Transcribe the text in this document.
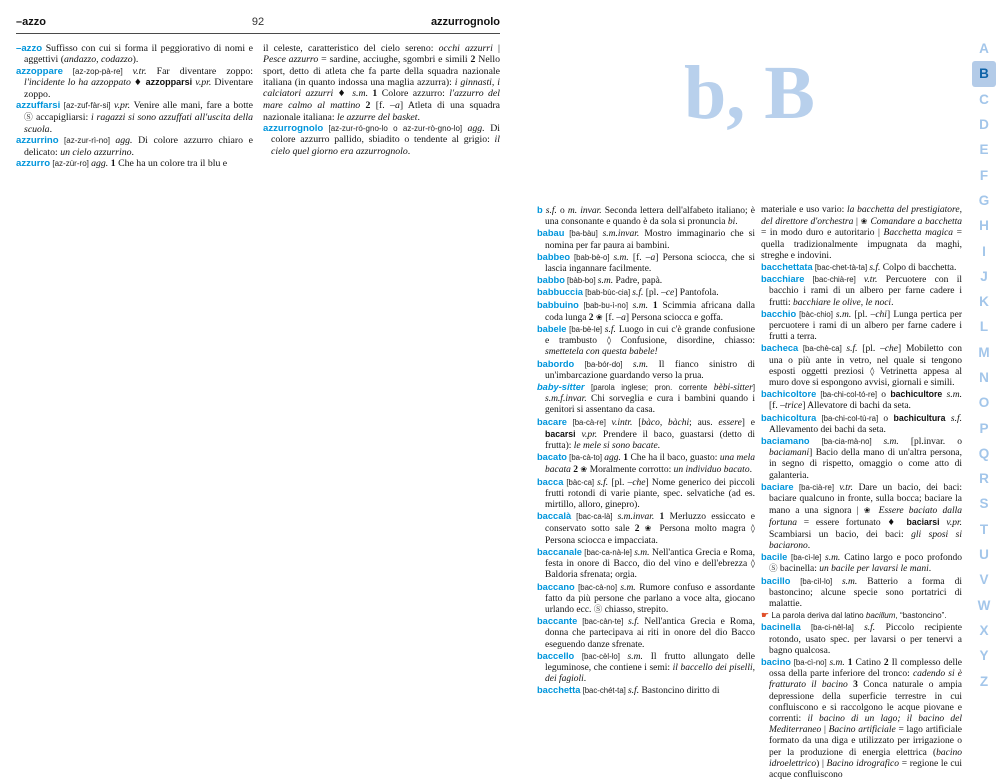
–azzo	92	azzurrognolo
–azzo Suffisso con cui si forma il peggiorativo di nomi e aggettivi (andazzo, codazzo).
azzoppare [az-zop-pà-re] v.tr. Far diventare zoppo: l'incidente lo ha azzoppato ♦ azzopparsi v.pr. Diventare zoppo.
azzuffarsi [az-zuf-fàr-si] v.pr. Venire alle mani, fare a botte Ⓢ accapigliarsi: i ragazzi si sono azzuffati all'uscita della scuola.
azzurrino [az-zur-rì-no] agg. Di colore azzurro chiaro e delicato: un cielo azzurrino.
azzurro [az-zùr-ro] agg. 1 Che ha un colore tra il blu e
il celeste, caratteristico del cielo sereno: occhi azzurri | Pesce azzurro = sardine, acciughe, sgombri e simili 2 Nello sport, detto di atleta che fa parte della squadra nazionale italiana (in quanto indossa una maglia azzurra): i ginnasti, i calciatori azzurri ♦ s.m. 1 Colore azzurro: l'azzurro del mare calmo al mattino 2 [f. –a] Atleta di una squadra nazionale italiana: le azzurre del basket.
azzurrognolo [az-zur-ró-gno-lo o az-zur-rò-gno-lo] agg. Di colore azzurro pallido, sbiadito o tendente al grigio: il cielo quel giorno era azzurrognolo.
b, B
b s.f. o m. invar. Seconda lettera dell'alfabeto italiano; è una consonante e quando è da sola si pronuncia bi.
babau [ba-bàu] s.m.invar. Mostro immaginario che si nomina per far paura ai bambini.
babbeo [bab-bè-o] s.m. [f. –a] Persona sciocca, che si lascia ingannare facilmente.
babbo [bàb-bo] s.m. Padre, papà.
babbuccia [bab-bùc-cia] s.f. [pl. –ce] Pantofola.
babbuino [bab-bu-ì-no] s.m. 1 Scimmia africana dalla coda lunga 2 ❀ [f. –a] Persona sciocca e goffa.
babele [ba-bè-le] s.f. Luogo in cui c'è grande confusione e trambusto ◊ Confusione, disordine, chiasso: smettetela con questa babele!
babordo [ba-bór-do] s.m. Il fianco sinistro di un'imbarcazione guardando verso la prua.
baby-sitter [parola inglese; pron. corrente bèbi-sitter] s.m.f.invar. Chi sorveglia e cura i bambini quando i genitori si assentano da casa.
bacare [ba-cà-re] v.intr. [bàco, bàchi; aus. essere] e bacarsi v.pr. Prendere il baco, guastarsi (detto di frutta): le mele si sono bacate.
bacato [ba-cà-to] agg. 1 Che ha il baco, guasto: una mela bacata 2 ❀ Moralmente corrotto: un individuo bacato.
bacca [bàc-ca] s.f. [pl. –che] Nome generico dei piccoli frutti rotondi di varie piante, spec. selvatiche (ad es. mirtillo, alloro, ginepro).
baccalà [bac-ca-là] s.m.invar. 1 Merluzzo essiccato e conservato sotto sale 2 ❀ Persona molto magra ◊ Persona sciocca e impacciata.
baccanale [bac-ca-nà-le] s.m. Nell'antica Grecia e Roma, festa in onore di Bacco, dio del vino e dell'ebrezza ◊ Baldoria sfrenata; orgia.
baccano [bac-cà-no] s.m. Rumore confuso e assordante fatto da più persone che parlano a voce alta, giocano urlando ecc. Ⓢ chiasso, strepito.
baccante [bac-càn-te] s.f. Nell'antica Grecia e Roma, donna che partecipava ai riti in onore del dio Bacco eseguendo danze sfrenate.
baccello [bac-cèl-lo] s.m. Il frutto allungato delle leguminose, che contiene i semi: il baccello dei piselli, dei fagioli.
bacchetta [bac-chét-ta] s.f. Bastoncino diritto di
materiale e uso vario: la bacchetta del prestigiatore, del direttore d'orchestra | ❀ Comandare a bacchetta = in modo duro e autoritario | Bacchetta magica = quella tradizionalmente impugnata da maghi, streghe e indovini.
bacchettata [bac-chet-tà-ta] s.f. Colpo di bacchetta.
bacchiare [bac-chià-re] v.tr. Percuotere con il bacchio i rami di un albero per farne cadere i frutti: bacchiare le olive, le noci.
bacchio [bàc-chio] s.m. [pl. –chi] Lunga pertica per percuotere i rami di un albero per farne cadere i frutti a terra.
bacheca [ba-chè-ca] s.f. [pl. –che] Mobiletto con una o più ante in vetro, nel quale si tengono esposti oggetti preziosi ◊ Vetrinetta appesa al muro dove si espongono avvisi, giornali e simili.
bachicoltore [ba-chi-col-tó-re] o bachicultore s.m. [f. –trice] Allevatore di bachi da seta.
bachicoltura [ba-chi-col-tù-ra] o bachicultura s.f. Allevamento dei bachi da seta.
baciamano [ba-cia-mà-no] s.m. [pl.invar. o baciamani] Bacio della mano di un'altra persona, in segno di rispetto, omaggio o come atto di galanteria.
baciare [ba-cià-re] v.tr. Dare un bacio, dei baci: baciare qualcuno in fronte, sulla bocca; baciare la mano a una signora | ❀ Essere baciato dalla fortuna = essere fortunato ♦ baciarsi v.pr. Scambiarsi un bacio, dei baci: gli sposi si baciarono.
bacile [ba-cì-le] s.m. Catino largo e poco profondo Ⓢ bacinella: un bacile per lavarsi le mani.
bacillo [ba-cìl-lo] s.m. Batterio a forma di bastoncino; alcune specie sono portatrici di malattie.
☛ La parola deriva dal latino bacillum, “bastoncino”.
bacinella [ba-ci-nèl-la] s.f. Piccolo recipiente rotondo, usato spec. per lavarsi o per tenervi a bagno qualcosa.
bacino [ba-cì-no] s.m. 1 Catino 2 Il complesso delle ossa della parte inferiore del tronco: cadendo si è fratturato il bacino 3 Conca naturale o ampia depressione della superficie terrestre in cui confluiscono e si raccolgono le acque piovane e correnti: il bacino di un lago; il bacino del Mediterraneo | Bacino artificiale = lago artificiale formato da una diga e utilizzato per irrigazione o per la produzione di energia elettrica (bacino idroelettrico) | Bacino idrografico = regione le cui acque confluiscono
A
B
C
D
E
F
G
H
I
J
K
L
M
N
O
P
Q
R
S
T
U
V
W
X
Y
Z
